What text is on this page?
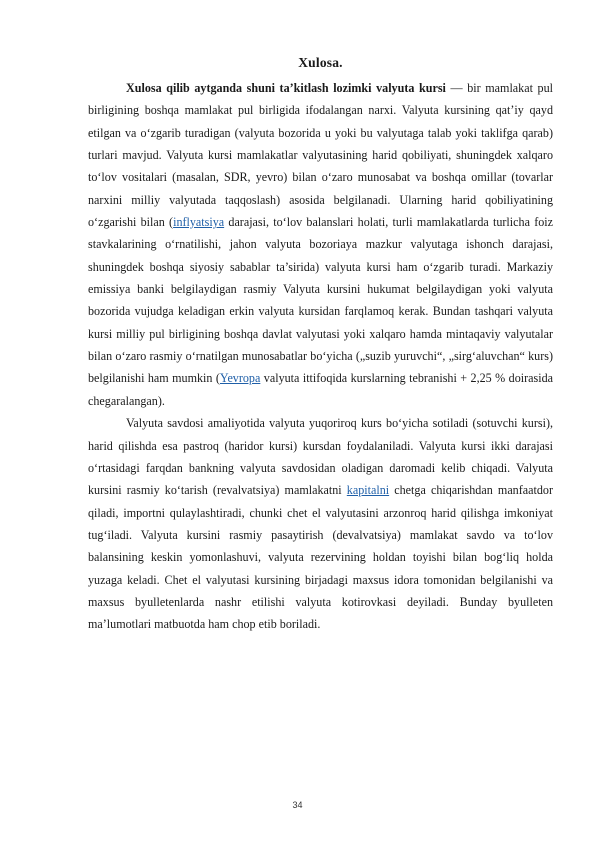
Xulosa.

Xulosa qilib aytganda shuni ta’kitlash lozimki valyuta kursi — bir mamlakat pul birligining boshqa mamlakat pul birligida ifodalangan narxi. Valyuta kursining qat’iy qayd etilgan va oʻzgarib turadigan (valyuta bozorida u yoki bu valyutaga talab yoki taklifga qarab) turlari mavjud. Valyuta kursi mamlakatlar valyutasining harid qobiliyati, shuningdek xalqaro toʻlov vositalari (masalan, SDR, yevro) bilan oʻzaro munosabat va boshqa omillar (tovarlar narxini milliy valyutada taqqoslash) asosida belgilanadi. Ularning harid qobiliyatining oʻzgarishi bilan (inflyatsiya darajasi, toʻlov balanslari holati, turli mamlakatlarda turlicha foiz stavkalarining oʻrnatilishi, jahon valyuta bozoriaya mazkur valyutaga ishonch darajasi, shuningdek boshqa siyosiy sabablar ta’sirida) valyuta kursi ham oʻzgarib turadi. Markaziy emissiya banki belgilaydigan rasmiy Valyuta kursini hukumat belgilaydigan yoki valyuta bozorida vujudga keladigan erkin valyuta kursidan farqlamoq kerak. Bundan tashqari valyuta kursi milliy pul birligining boshqa davlat valyutasi yoki xalqaro hamda mintaqaviy valyutalar bilan oʻzaro rasmiy oʻrnatilgan munosabatlar boʻyicha („suzib yuruvchi“, „sirgʻaluvchan“ kurs) belgilanishi ham mumkin (Yevropa valyuta ittifoqida kurslarning tebranishi + 2,25 % doirasida chegaralangan).

Valyuta savdosi amaliyotida valyuta yuqoriroq kurs boʻyicha sotiladi (sotuvchi kursi), harid qilishda esa pastroq (haridor kursi) kursdan foydalaniladi. Valyuta kursi ikki darajasi oʻrtasidagi farqdan bankning valyuta savdosidan oladigan daromadi kelib chiqadi. Valyuta kursini rasmiy koʻtarish (revalvatsiya) mamlakatni kapitalni chetga chiqarishdan manfaatdor qiladi, importni qulaylashtiradi, chunki chet el valyutasini arzonroq harid qilishga imkoniyat tugʻiladi. Valyuta kursini rasmiy pasaytirish (devalvatsiya) mamlakat savdo va toʻlov balansining keskin yomonlashuvi, valyuta rezervining holdan toyishi bilan bogʻliq holda yuzaga keladi. Chet el valyutasi kursining birjadagi maxsus idora tomonidan belgilanishi va maxsus byulletenlarda nashr etilishi valyuta kotirovkasi deyiladi. Bunday byulleten ma’lumotlari matbuotda ham chop etib boriladi.

34
